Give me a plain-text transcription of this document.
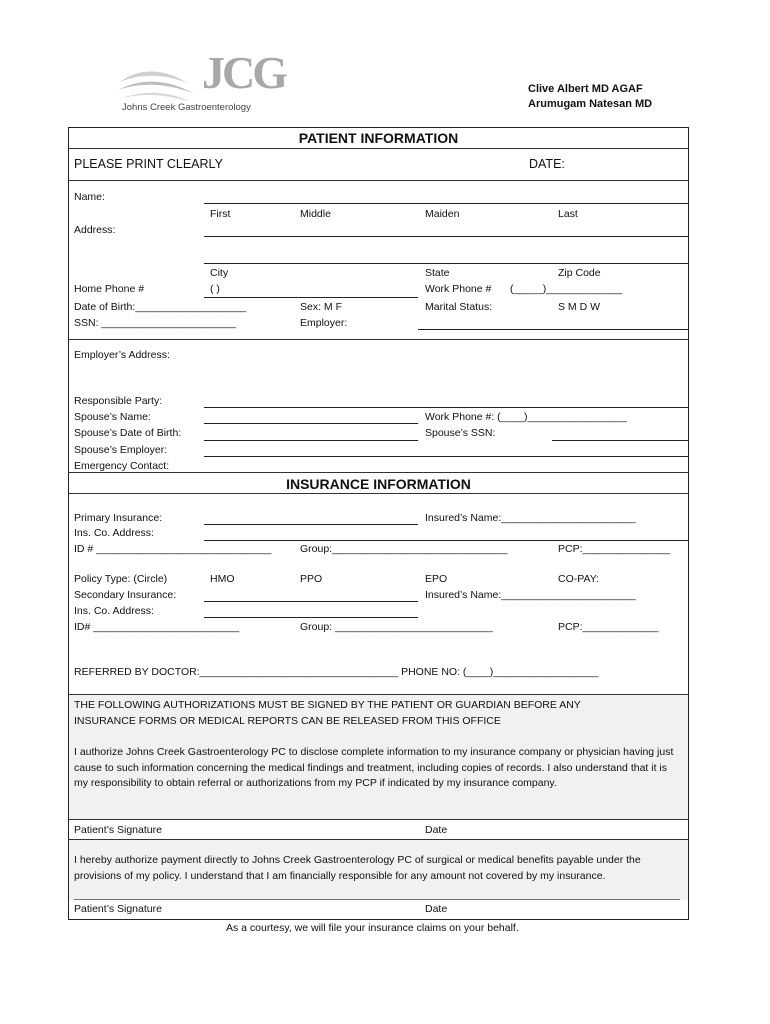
JCG
Johns Creek Gastroenterology
Clive Albert MD AGAF
Arumugam Natesan MD
PATIENT INFORMATION
PLEASE PRINT CLEARLY	DATE:
Name:
First	Middle	Maiden	Last
Address:
City	State	Zip Code
Home Phone #	( )	Work Phone # (_____)_____________
Date of Birth:___________________	Sex: M F	Marital Status:	S M D W
SSN: _______________________	Employer:
Employer’s Address:
Responsible Party:
Spouse’s Name:	Work Phone #: (____)_________________
Spouse’s Date of Birth:	Spouse’s SSN:
Spouse’s Employer:
Emergency Contact:
INSURANCE INFORMATION
Primary Insurance:	Insured’s Name:_______________________
Ins. Co. Address:
ID # ______________________________	Group:______________________________	PCP:_______________
Policy Type: (Circle)	HMO	PPO	EPO	CO-PAY:
Secondary Insurance:	Insured’s Name:_______________________
Ins. Co. Address:
ID# _________________________	Group: ___________________________	PCP:_____________
REFERRED BY DOCTOR:__________________________________ PHONE NO: (____)__________________
THE FOLLOWING AUTHORIZATIONS MUST BE SIGNED BY THE PATIENT OR GUARDIAN BEFORE ANY
INSURANCE FORMS OR MEDICAL REPORTS CAN BE RELEASED FROM THIS OFFICE
I authorize Johns Creek Gastroenterology PC to disclose complete information to my insurance company or physician having just cause to such information concerning the medical findings and treatment, including copies of records. I also understand that it is my responsibility to obtain referral or authorizations from my PCP if indicated by my insurance company.
Patient’s Signature	Date
I hereby authorize payment directly to Johns Creek Gastroenterology PC of surgical or medical benefits payable under the provisions of my policy. I understand that I am financially responsible for any amount not covered by my insurance.
Patient’s Signature	Date
As a courtesy, we will file your insurance claims on your behalf.
